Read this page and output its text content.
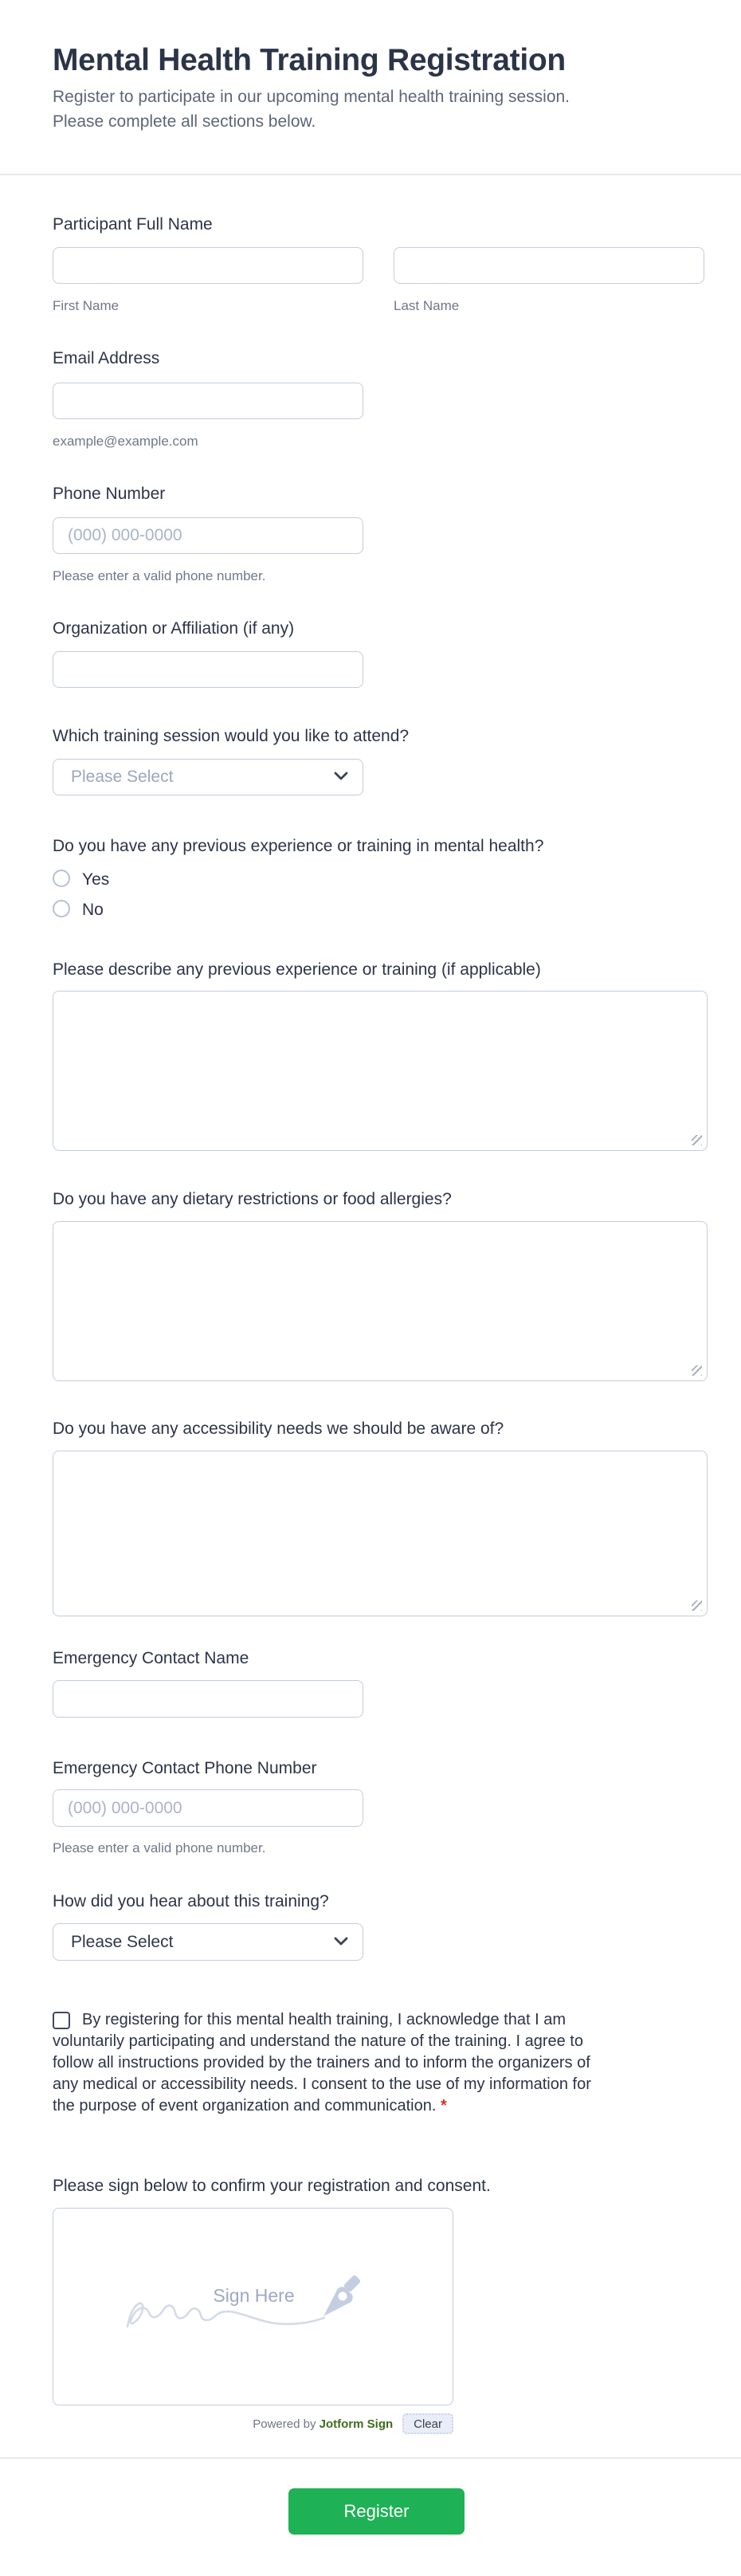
Mental Health Training Registration
Register to participate in our upcoming mental health training session. Please complete all sections below.
Participant Full Name
First Name	Last Name
Email Address
example@example.com
Phone Number
(000) 000-0000
Please enter a valid phone number.
Organization or Affiliation (if any)
Which training session would you like to attend?
Please Select
Do you have any previous experience or training in mental health?
Yes
No
Please describe any previous experience or training (if applicable)
Do you have any dietary restrictions or food allergies?
Do you have any accessibility needs we should be aware of?
Emergency Contact Name
Emergency Contact Phone Number
(000) 000-0000
Please enter a valid phone number.
How did you hear about this training?
Please Select
By registering for this mental health training, I acknowledge that I am voluntarily participating and understand the nature of the training. I agree to follow all instructions provided by the trainers and to inform the organizers of any medical or accessibility needs. I consent to the use of my information for the purpose of event organization and communication. *
Please sign below to confirm your registration and consent.
Sign Here
Powered by Jotform Sign	Clear
Register
